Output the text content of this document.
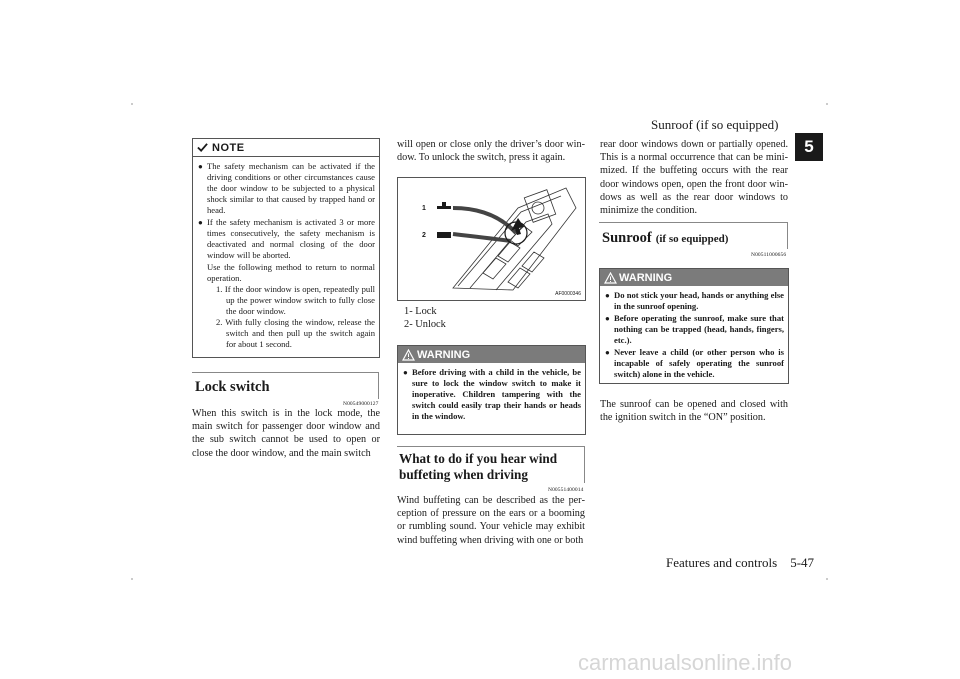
Sunroof (if so equipped)
5
NOTE
● The safety mechanism can be activated if the driving conditions or other circumstances cause the door window to be subjected to a physical shock similar to that caused by trapped hand or head.
● If the safety mechanism is activated 3 or more times consecutively, the safety mechanism is deactivated and normal closing of the door window will be aborted.
Use the following method to return to normal operation.
1. If the door window is open, repeatedly pull up the power window switch to fully close the door window.
2. With fully closing the window, release the switch and then pull up the switch again for about 1 second.
Lock switch
N00549000127

When this switch is in the lock mode, the main switch for passenger door window and the sub switch cannot be used to open or close the door window, and the main switch

will open or close only the driver’s door window. To unlock the switch, press it again.

1
2
AF0000346
1- Lock
2- Unlock
WARNING
● Before driving with a child in the vehicle, be sure to lock the window switch to make it inoperative. Children tampering with the switch could easily trap their hands or heads in the window.
What to do if you hear wind
buffeting when driving
N00551400014

Wind buffeting can be described as the perception of pressure on the ears or a booming or rumbling sound. Your vehicle may exhibit wind buffeting when driving with one or both

rear door windows down or partially opened. This is a normal occurrence that can be minimized. If the buffeting occurs with the rear door windows open, open the front door windows as well as the rear door windows to minimize the condition.

Sunroof (if so equipped)
N00511000656
WARNING
● Do not stick your head, hands or anything else in the sunroof opening.
● Before operating the sunroof, make sure that nothing can be trapped (head, hands, fingers, etc.).
● Never leave a child (or other person who is incapable of safely operating the sunroof switch) alone in the vehicle.

The sunroof can be opened and closed with the ignition switch in the “ON” position.

Features and controls    5-47
carmanualsonline.info
